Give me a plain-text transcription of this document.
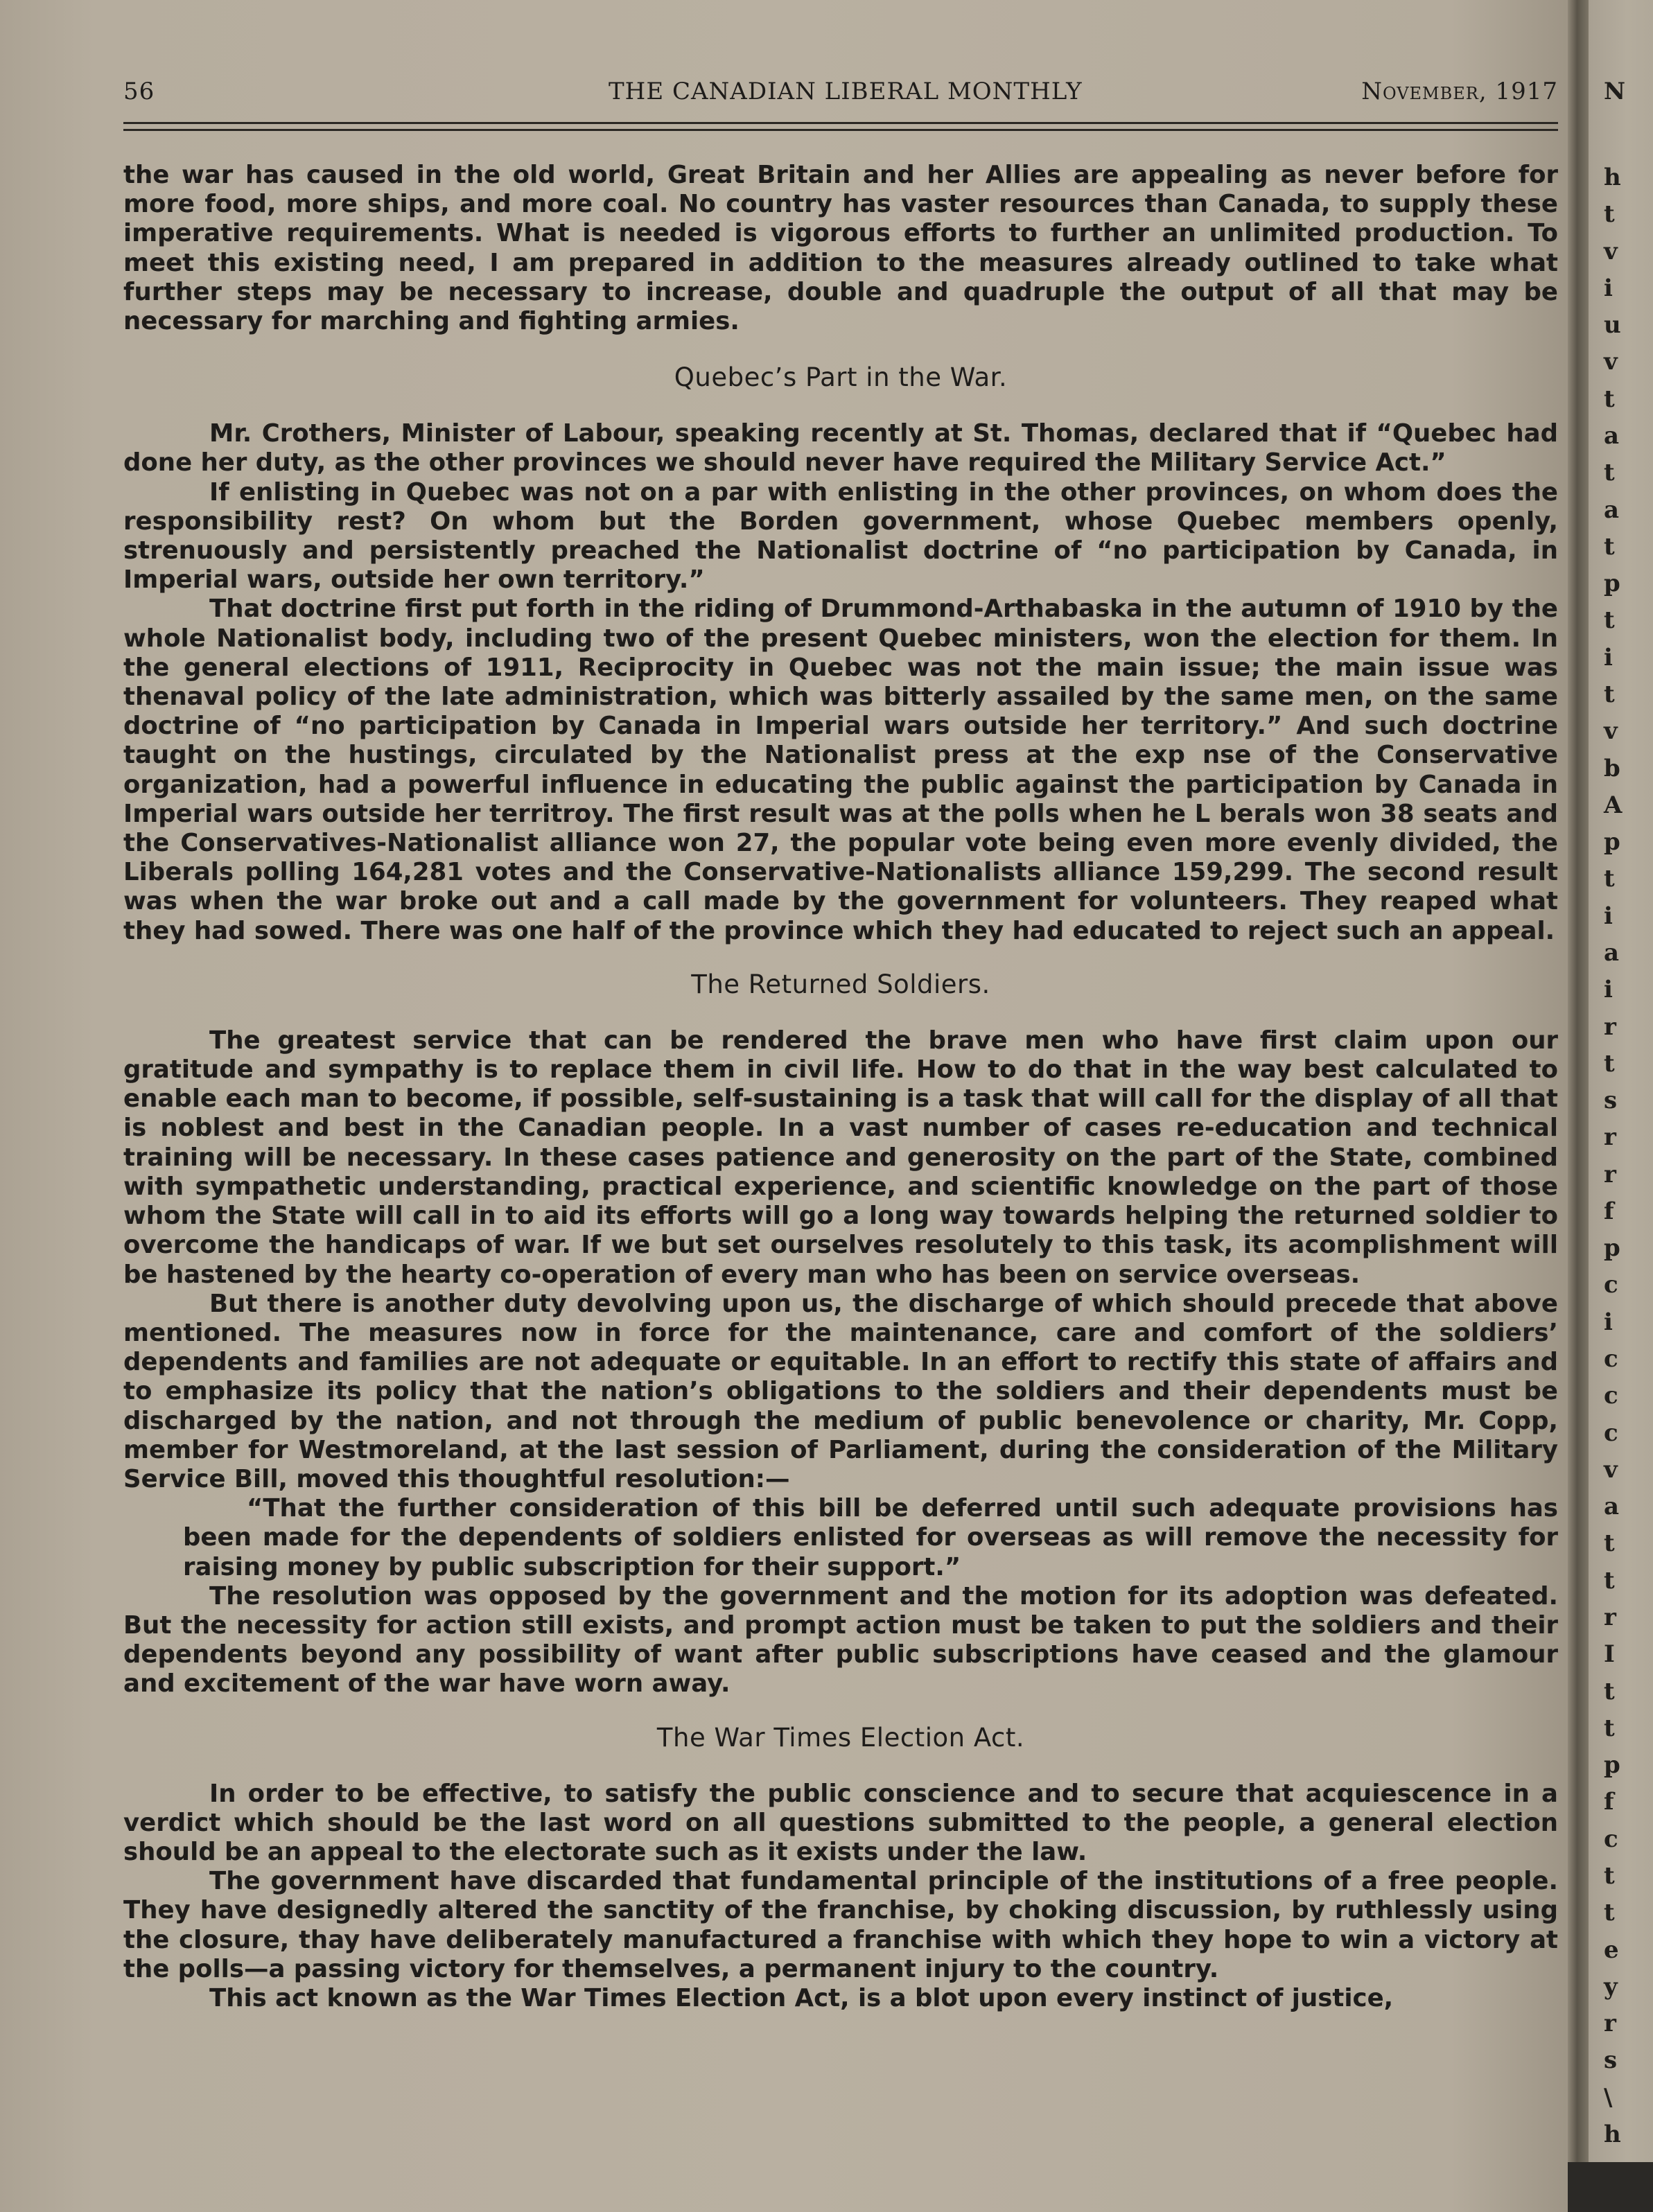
56	THE CANADIAN LIBERAL MONTHLY	November, 1917

the war has caused in the old world, Great Britain and her Allies are appealing as never before for more food, more ships, and more coal. No country has vaster resources than Canada, to supply these imperative requirements. What is needed is vigorous efforts to further an unlimited production. To meet this existing need, I am prepared in addition to the measures already outlined to take what further steps may be necessary to increase, double and quadruple the output of all that may be necessary for marching and fighting armies.

Quebec’s Part in the War.

Mr. Crothers, Minister of Labour, speaking recently at St. Thomas, declared that if “Quebec had done her duty, as the other provinces we should never have required the Military Service Act.”

If enlisting in Quebec was not on a par with enlisting in the other provinces, on whom does the responsibility rest? On whom but the Borden government, whose Quebec members openly, strenuously and persistently preached the Nationalist doctrine of “no participation by Canada, in Imperial wars, outside her own territory.”

That doctrine first put forth in the riding of Drummond-Arthabaska in the autumn of 1910 by the whole Nationalist body, including two of the present Quebec ministers, won the election for them. In the general elections of 1911, Reciprocity in Quebec was not the main issue; the main issue was thenaval policy of the late administration, which was bitterly assailed by the same men, on the same doctrine of “no participation by Canada in Imperial wars outside her territory.” And such doctrine taught on the hustings, circulated by the Nationalist press at the exp nse of the Conservative organization, had a powerful influence in educating the public against the participation by Canada in Imperial wars outside her territroy. The first result was at the polls when he L berals won 38 seats and the Conservatives-Nationalist alliance won 27, the popular vote being even more evenly divided, the Liberals polling 164,281 votes and the Conservative-Nationalists alliance 159,299. The second result was when the war broke out and a call made by the government for volunteers. They reaped what they had sowed. There was one half of the province which they had educated to reject such an appeal.

The Returned Soldiers.

The greatest service that can be rendered the brave men who have first claim upon our gratitude and sympathy is to replace them in civil life. How to do that in the way best calculated to enable each man to become, if possible, self-sustaining is a task that will call for the display of all that is noblest and best in the Canadian people. In a vast number of cases re-education and technical training will be necessary. In these cases patience and generosity on the part of the State, combined with sympathetic understanding, practical experience, and scientific knowledge on the part of those whom the State will call in to aid its efforts will go a long way towards helping the returned soldier to overcome the handicaps of war. If we but set ourselves resolutely to this task, its acomplishment will be hastened by the hearty co-operation of every man who has been on service overseas.

But there is another duty devolving upon us, the discharge of which should precede that above mentioned. The measures now in force for the maintenance, care and comfort of the soldiers’ dependents and families are not adequate or equitable. In an effort to rectify this state of affairs and to emphasize its policy that the nation’s obligations to the soldiers and their dependents must be discharged by the nation, and not through the medium of public benevolence or charity, Mr. Copp, member for Westmoreland, at the last session of Parliament, during the consideration of the Military Service Bill, moved this thoughtful resolution:—

“That the further consideration of this bill be deferred until such adequate provisions has been made for the dependents of soldiers enlisted for overseas as will remove the necessity for raising money by public subscription for their support.”

The resolution was opposed by the government and the motion for its adoption was defeated. But the necessity for action still exists, and prompt action must be taken to put the soldiers and their dependents beyond any possibility of want after public subscriptions have ceased and the glamour and excitement of the war have worn away.

The War Times Election Act.

In order to be effective, to satisfy the public conscience and to secure that acquiescence in a verdict which should be the last word on all questions submitted to the people, a general election should be an appeal to the electorate such as it exists under the law.

The government have discarded that fundamental principle of the institutions of a free people. They have designedly altered the sanctity of the franchise, by choking discussion, by ruthlessly using the closure, thay have deliberately manufactured a franchise with which they hope to win a victory at the polls—a passing victory for themselves, a permanent injury to the country.

This act known as the War Times Election Act, is a blot upon every instinct of justice,

N
h
t
v
i
u
v
t
a
t
a
t
p
t
i
t
v
b
A
p
t
i
a
i
r
t
s
r
r
f
p
c
i
c
c
c
v
a
t
t
r
I
t
t
p
f
c
t
t
e
y
r
s
\
h
